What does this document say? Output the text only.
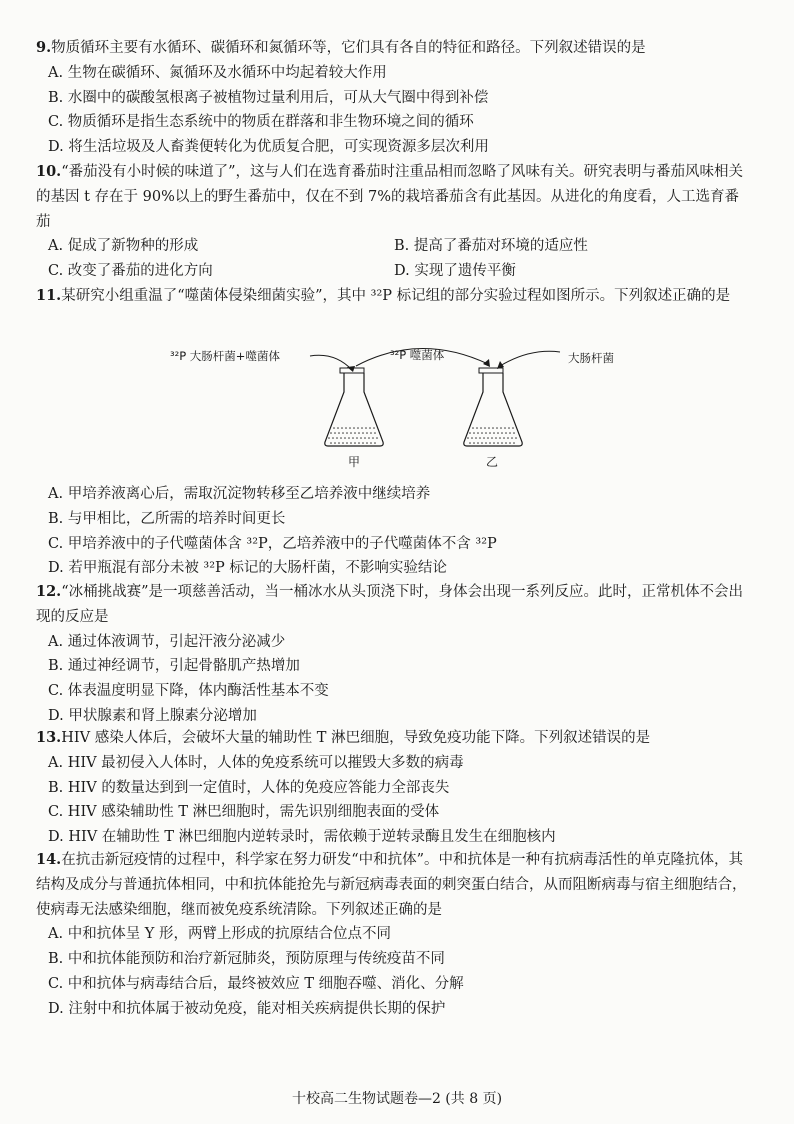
9.物质循环主要有水循环、碳循环和氮循环等，它们具有各自的特征和路径。下列叙述错误的是

A. 生物在碳循环、氮循环及水循环中均起着较大作用

B. 水圈中的碳酸氢根离子被植物过量利用后，可从大气圈中得到补偿

C. 物质循环是指生态系统中的物质在群落和非生物环境之间的循环

D. 将生活垃圾及人畜粪便转化为优质复合肥，可实现资源多层次利用

10.“番茄没有小时候的味道了”，这与人们在选育番茄时注重品相而忽略了风味有关。研究表明与番茄风味相关的基因 t 存在于 90%以上的野生番茄中，仅在不到 7%的栽培番茄含有此基因。从进化的角度看，人工选育番茄

A. 促成了新物种的形成	B. 提高了番茄对环境的适应性
C. 改变了番茄的进化方向	D. 实现了遗传平衡

11.某研究小组重温了“噬菌体侵染细菌实验”，其中 ³²P 标记组的部分实验过程如图所示。下列叙述正确的是

³²P 大肠杆菌+噬菌体	³²P 噬菌体	大肠杆菌
甲	乙

A. 甲培养液离心后，需取沉淀物转移至乙培养液中继续培养

B. 与甲相比，乙所需的培养时间更长

C. 甲培养液中的子代噬菌体含 ³²P，乙培养液中的子代噬菌体不含 ³²P

D. 若甲瓶混有部分未被 ³²P 标记的大肠杆菌，不影响实验结论

12.“冰桶挑战赛”是一项慈善活动，当一桶冰水从头顶浇下时，身体会出现一系列反应。此时，正常机体不会出现的反应是

A. 通过体液调节，引起汗液分泌减少

B. 通过神经调节，引起骨骼肌产热增加

C. 体表温度明显下降，体内酶活性基本不变

D. 甲状腺素和肾上腺素分泌增加

13.HIV 感染人体后，会破坏大量的辅助性 T 淋巴细胞，导致免疫功能下降。下列叙述错误的是

A. HIV 最初侵入人体时，人体的免疫系统可以摧毁大多数的病毒

B. HIV 的数量达到到一定值时，人体的免疫应答能力全部丧失

C. HIV 感染辅助性 T 淋巴细胞时，需先识别细胞表面的受体

D. HIV 在辅助性 T 淋巴细胞内逆转录时，需依赖于逆转录酶且发生在细胞核内

14.在抗击新冠疫情的过程中，科学家在努力研发“中和抗体”。中和抗体是一种有抗病毒活性的单克隆抗体，其结构及成分与普通抗体相同，中和抗体能抢先与新冠病毒表面的刺突蛋白结合，从而阻断病毒与宿主细胞结合，使病毒无法感染细胞，继而被免疫系统清除。下列叙述正确的是

A. 中和抗体呈 Y 形，两臂上形成的抗原结合位点不同

B. 中和抗体能预防和治疗新冠肺炎，预防原理与传统疫苗不同

C. 中和抗体与病毒结合后，最终被效应 T 细胞吞噬、消化、分解

D. 注射中和抗体属于被动免疫，能对相关疾病提供长期的保护

十校高二生物试题卷—2 (共 8 页)
